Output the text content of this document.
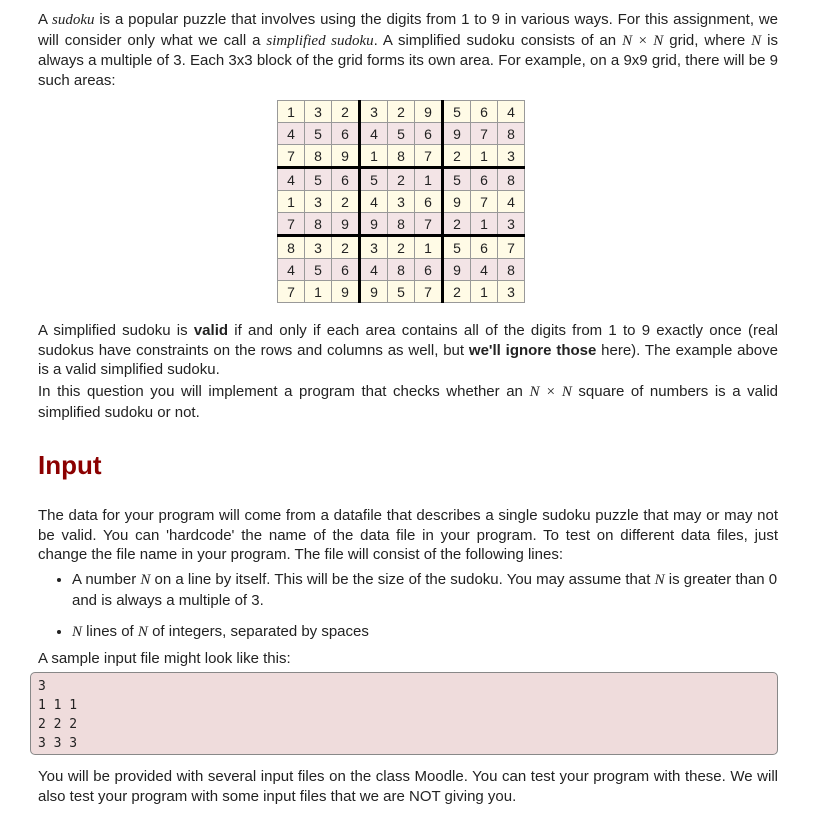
A sudoku is a popular puzzle that involves using the digits from 1 to 9 in various ways. For this assignment, we will consider only what we call a simplified sudoku. A simplified sudoku consists of an N × N grid, where N is always a multiple of 3. Each 3x3 block of the grid forms its own area. For example, on a 9x9 grid, there will be 9 such areas:

1	3	2	3	2	9	5	6	4
4	5	6	4	5	6	9	7	8
7	8	9	1	8	7	2	1	3
4	5	6	5	2	1	5	6	8
1	3	2	4	3	6	9	7	4
7	8	9	9	8	7	2	1	3
8	3	2	3	2	1	5	6	7
4	5	6	4	8	6	9	4	8
7	1	9	9	5	7	2	1	3

A simplified sudoku is valid if and only if each area contains all of the digits from 1 to 9 exactly once (real sudokus have constraints on the rows and columns as well, but we'll ignore those here). The example above is a valid simplified sudoku.

In this question you will implement a program that checks whether an N × N square of numbers is a valid simplified sudoku or not.

Input

The data for your program will come from a datafile that describes a single sudoku puzzle that may or may not be valid. You can 'hardcode' the name of the data file in your program. To test on different data files, just change the file name in your program. The file will consist of the following lines:

• A number N on a line by itself. This will be the size of the sudoku. You may assume that N is greater than 0 and is always a multiple of 3.
• N lines of N of integers, separated by spaces

A sample input file might look like this:

3
1 1 1
2 2 2
3 3 3

You will be provided with several input files on the class Moodle. You can test your program with these. We will also test your program with some input files that we are NOT giving you.
